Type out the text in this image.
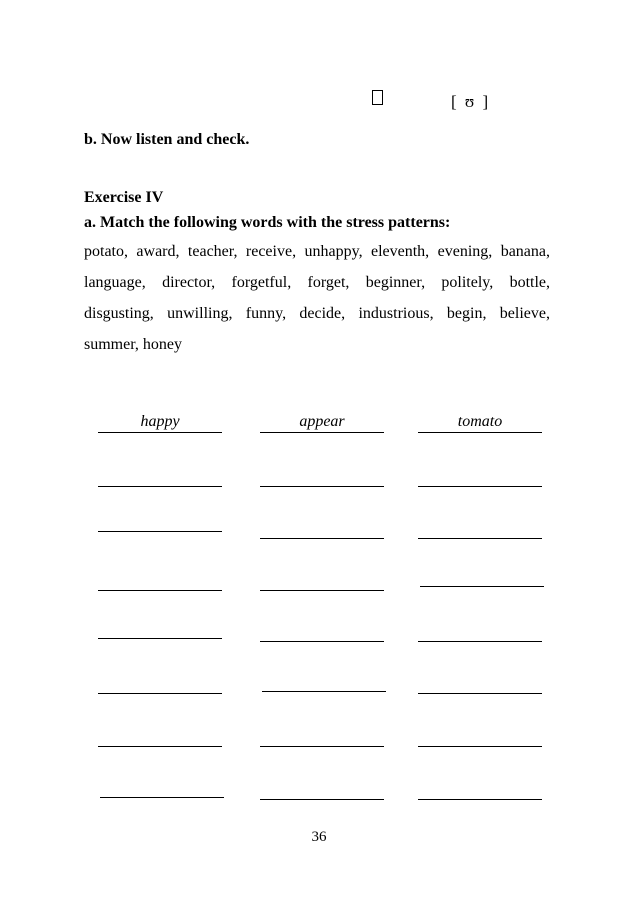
[ ʊ ]
b. Now listen and check.
Exercise IV
a. Match the following words with the stress patterns:
potato, award, teacher, receive, unhappy, eleventh, evening, banana,
language, director, forgetful, forget, beginner, politely, bottle,
disgusting, unwilling, funny, decide, industrious, begin, believe,
summer, honey
happy	appear	tomato
36
